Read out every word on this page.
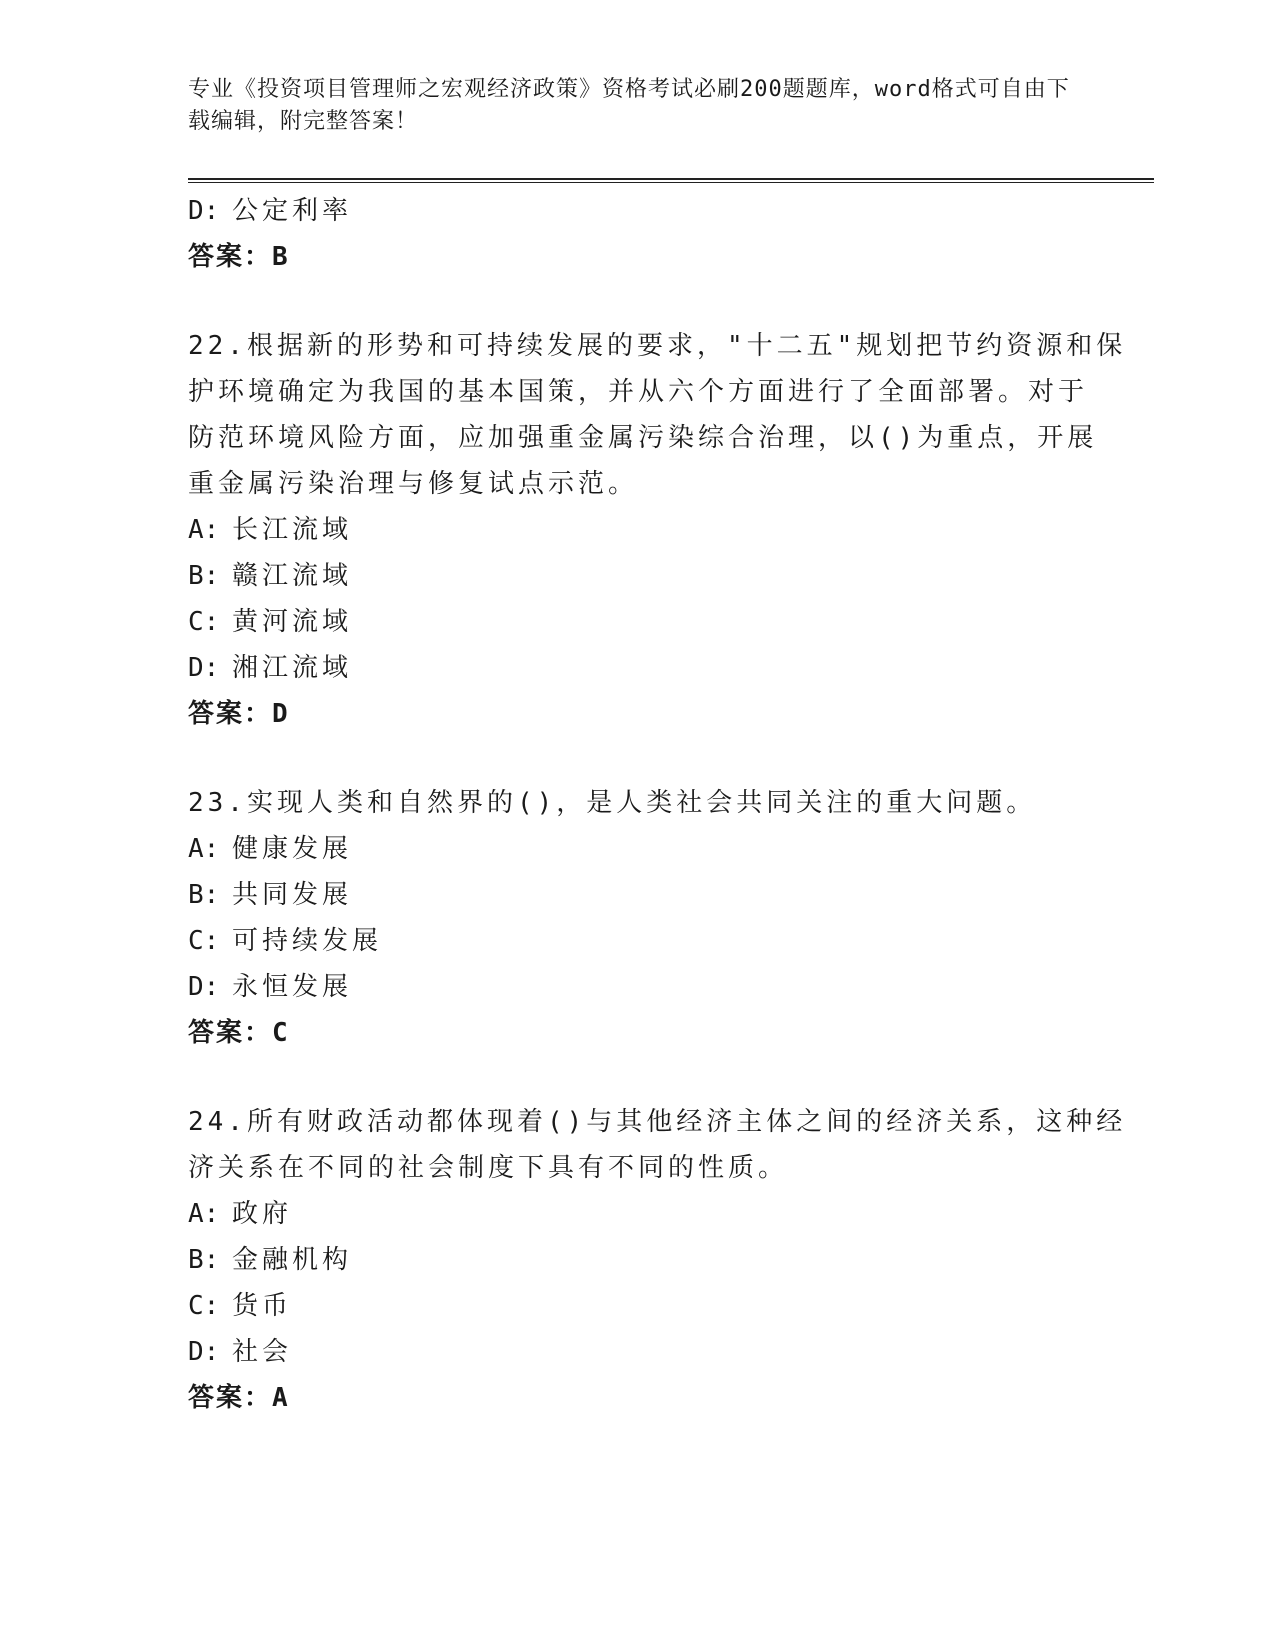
专业《投资项目管理师之宏观经济政策》资格考试必刷200题题库，word格式可自由下载编辑，附完整答案！
D: 公定利率
答案：B
22.根据新的形势和可持续发展的要求，"十二五"规划把节约资源和保
护环境确定为我国的基本国策，并从六个方面进行了全面部署。对于
防范环境风险方面，应加强重金属污染综合治理，以()为重点，开展
重金属污染治理与修复试点示范。
A: 长江流域
B: 赣江流域
C: 黄河流域
D: 湘江流域
答案：D
23.实现人类和自然界的()，是人类社会共同关注的重大问题。
A: 健康发展
B: 共同发展
C: 可持续发展
D: 永恒发展
答案：C
24.所有财政活动都体现着()与其他经济主体之间的经济关系，这种经
济关系在不同的社会制度下具有不同的性质。
A: 政府
B: 金融机构
C: 货币
D: 社会
答案：A
